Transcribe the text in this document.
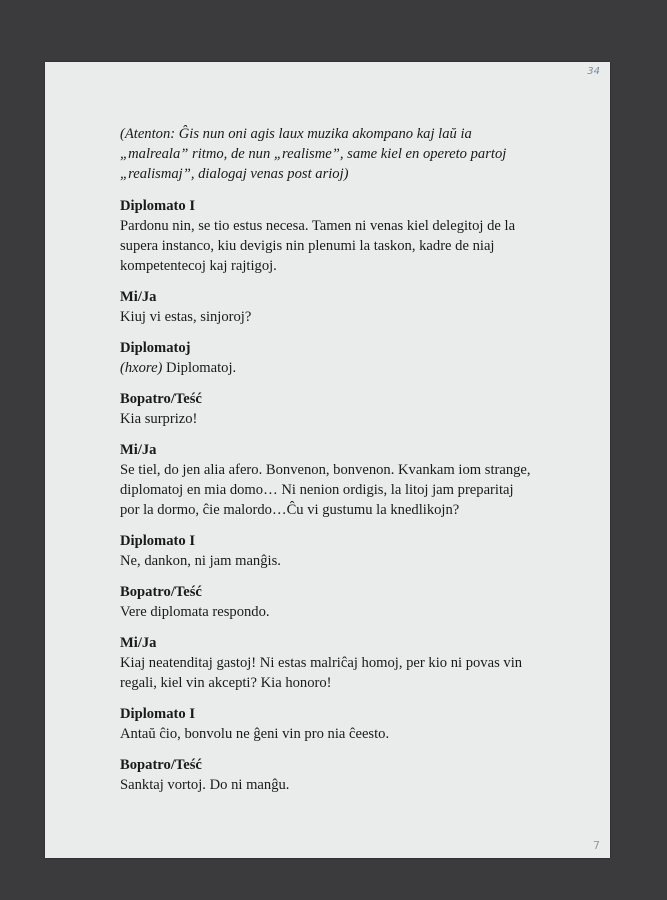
34
(Atenton: Ĝis nun oni agis laux muzika akompano kaj laŭ ia
„malreala” ritmo, de nun „realisme”, same kiel en opereto partoj
„realismaj”, dialogaj venas post arioj)
Diplomato I
Pardonu nin, se tio estus necesa. Tamen ni venas kiel delegitoj de la
supera instanco, kiu devigis nin plenumi la taskon, kadre de niaj
kompetentecoj kaj rajtigoj.
Mi/Ja
Kiuj vi estas, sinjoroj?
Diplomatoj
(hxore) Diplomatoj.
Bopatro/Teść
Kia surprizo!
Mi/Ja
Se tiel, do jen alia afero. Bonvenon, bonvenon. Kvankam iom strange,
diplomatoj en mia domo… Ni nenion ordigis, la litoj jam preparitaj
por la dormo, ĉie malordo…Ĉu vi gustumu la knedlikojn?
Diplomato I
Ne, dankon, ni jam manĝis.
Bopatro/Teść
Vere diplomata respondo.
Mi/Ja
Kiaj neatenditaj gastoj! Ni estas malriĉaj homoj, per kio ni povas vin
regali, kiel vin akcepti? Kia honoro!
Diplomato I
Antaŭ ĉio, bonvolu ne ĝeni vin pro nia ĉeesto.
Bopatro/Teść
Sanktaj vortoj. Do ni manĝu.
7
